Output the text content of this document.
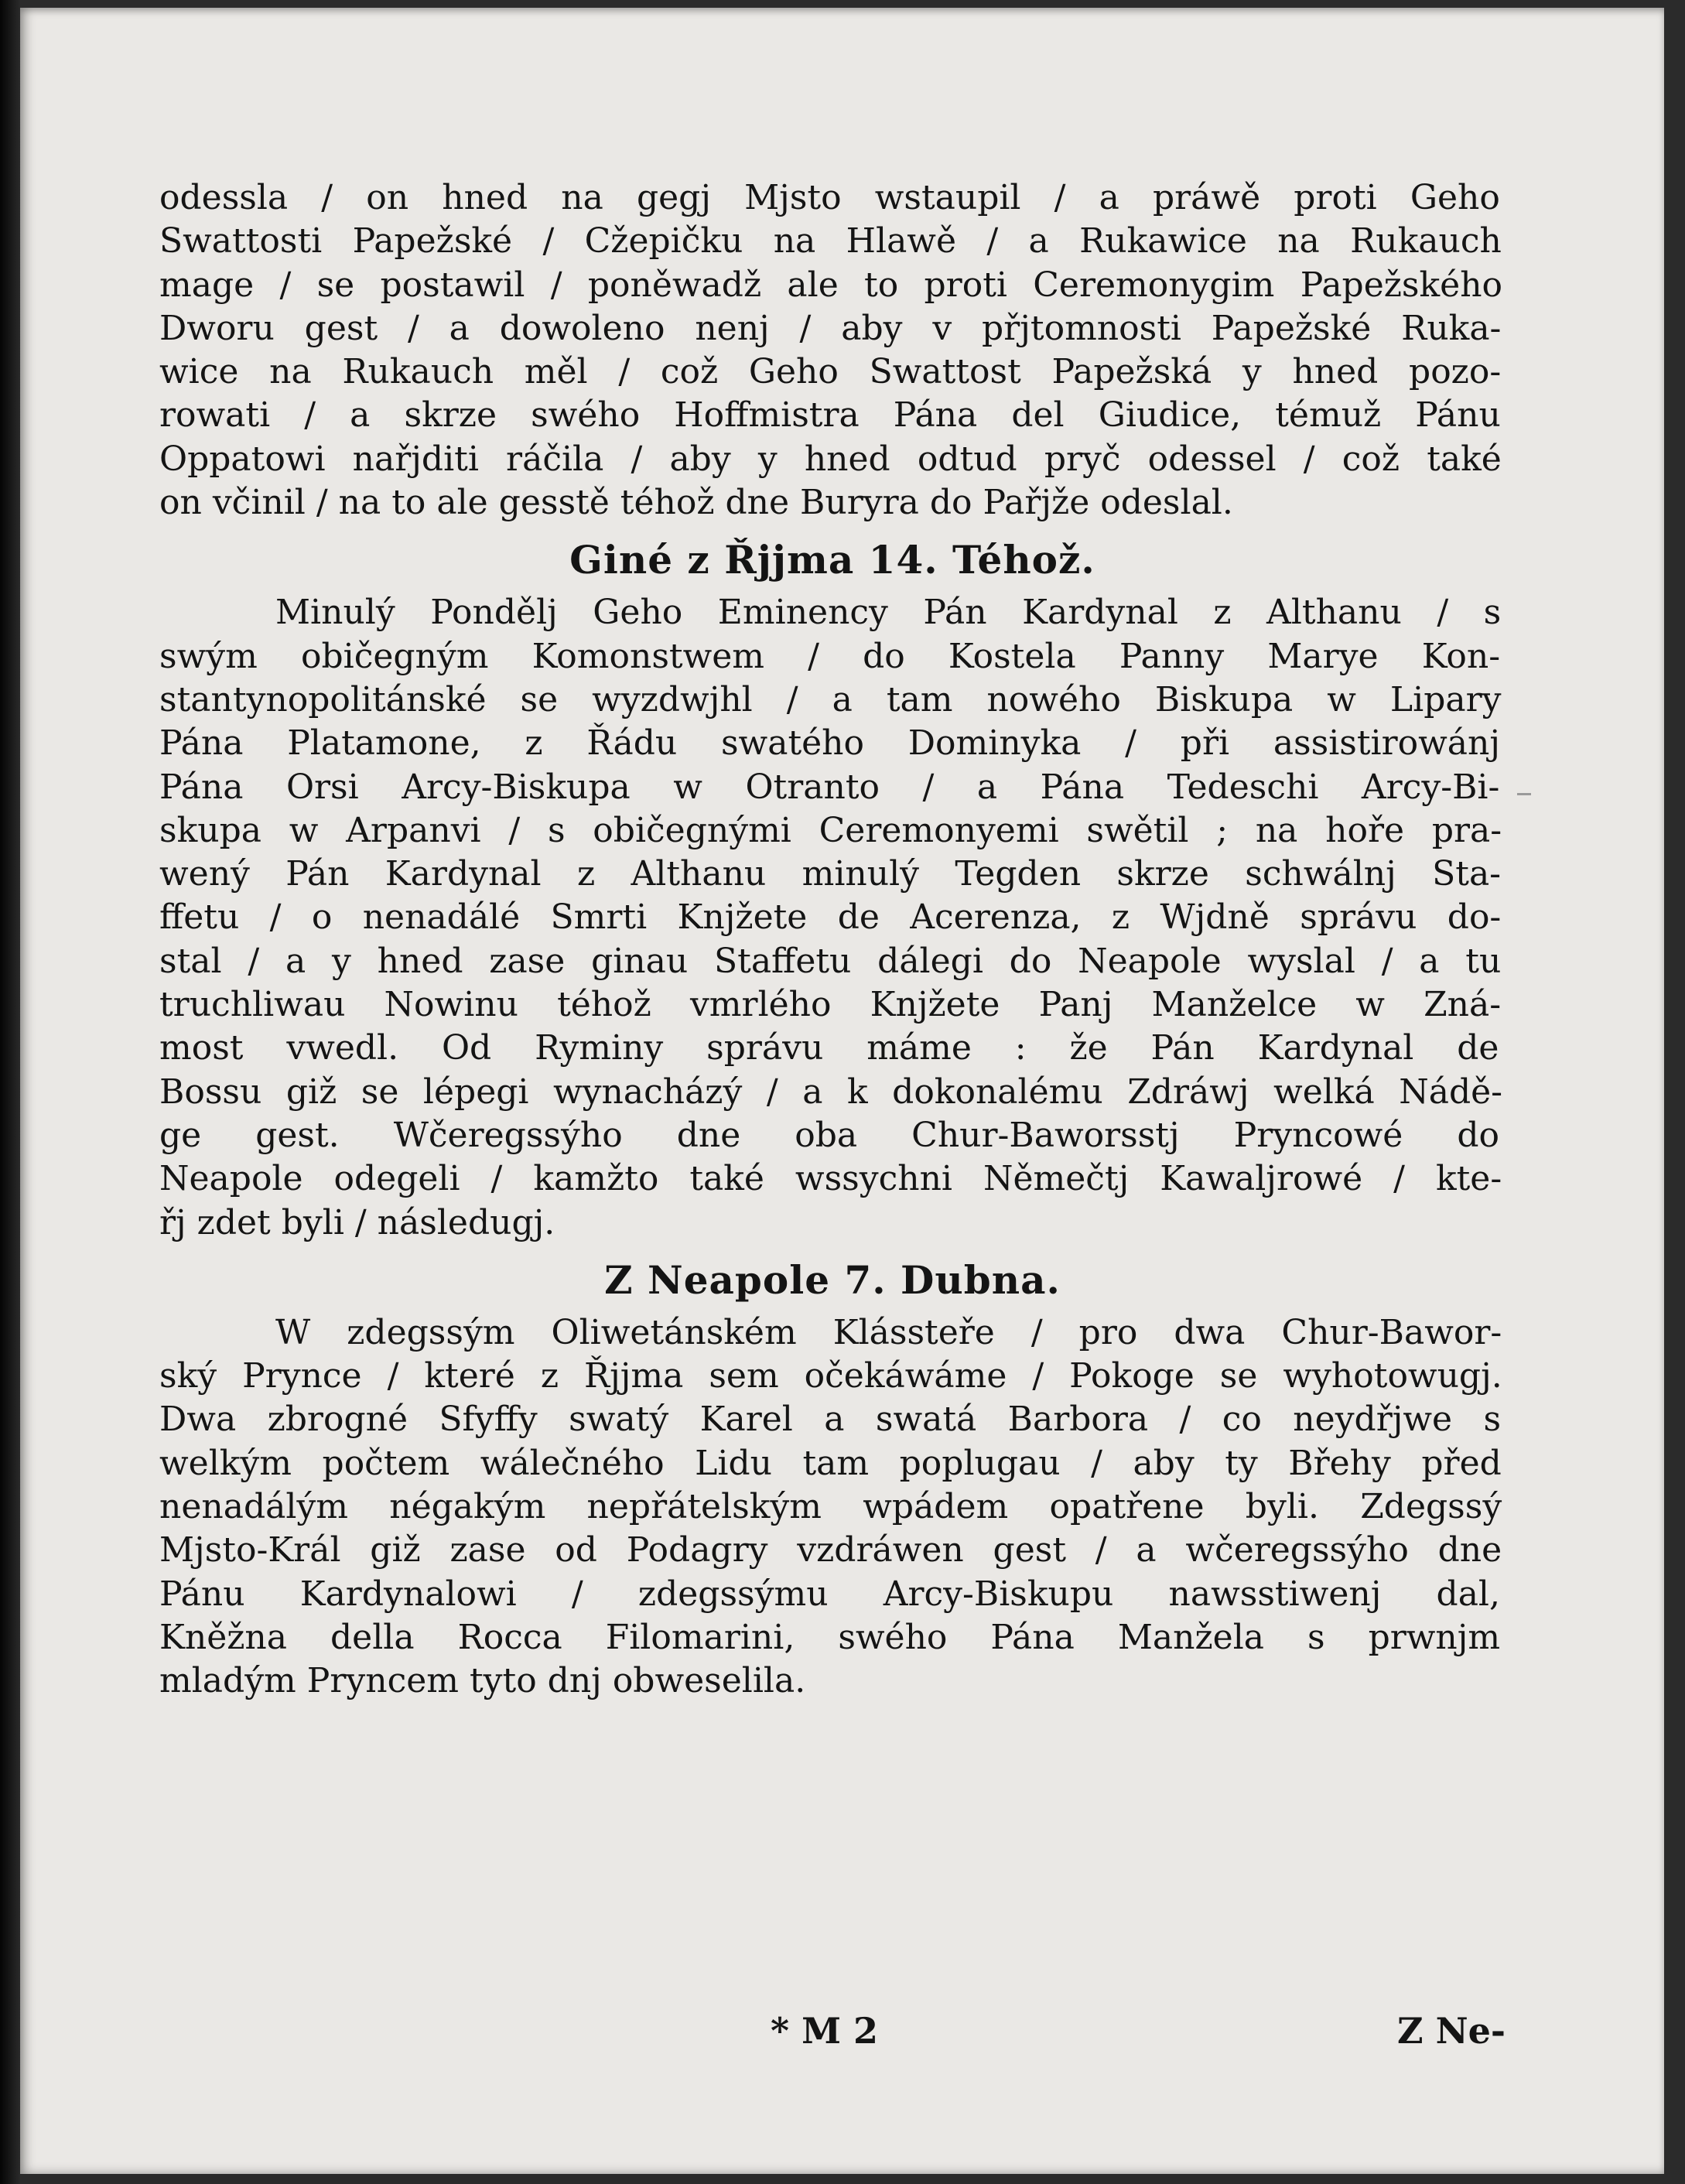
odessla / on hned na gegj Mjsto wstaupil / a práwě proti Geho
Swattosti Papežské / Cžepičku na Hlawě / a Rukawice na Rukauch
mage / se postawil / poněwadž ale to proti Ceremonygim Papežského
Dworu gest / a dowoleno nenj / aby v přjtomnosti Papežské Ruka-
wice na Rukauch měl / což Geho Swattost Papežská y hned pozo-
rowati / a skrze swého Hoffmistra Pána del Giudice, témuž Pánu
Oppatowi nařjditi ráčila / aby y hned odtud pryč odessel / což také
on včinil / na to ale gesstě téhož dne Buryra do Pařjže odeslal.
Giné z Řjjma 14. Téhož.
Minulý Pondělj Geho Eminency Pán Kardynal z Althanu / s
swým običegným Komonstwem / do Kostela Panny Marye Kon-
stantynopolitánské se wyzdwjhl / a tam nowého Biskupa w Lipary
Pána Platamone, z Řádu swatého Dominyka / při assistirowánj
Pána Orsi Arcy-Biskupa w Otranto / a Pána Tedeschi Arcy-Bi-
skupa w Arpanvi / s običegnými Ceremonyemi swětil ; na hoře pra-
wený Pán Kardynal z Althanu minulý Tegden skrze schwálnj Sta-
ffetu / o nenadálé Smrti Knjžete de Acerenza, z Wjdně správu do-
stal / a y hned zase ginau Staffetu dálegi do Neapole wyslal / a tu
truchliwau Nowinu téhož vmrlého Knjžete Panj Manželce w Zná-
most vwedl. Od Ryminy správu máme : že Pán Kardynal de
Bossu giž se lépegi wynacházý / a k dokonalému Zdráwj welká Nádě-
ge gest. Wčeregssýho dne oba Chur-Baworsstj Pryncowé do
Neapole odegeli / kamžto také wssychni Němečtj Kawaljrowé / kte-
řj zdet byli / následugj.
Z Neapole 7. Dubna.
W zdegssým Oliwetánském Klássteře / pro dwa Chur-Bawor-
ský Prynce / které z Řjjma sem očekáwáme / Pokoge se wyhotowugj.
Dwa zbrogné Sfyffy swatý Karel a swatá Barbora / co neydřjwe s
welkým počtem wálečného Lidu tam poplugau / aby ty Břehy před
nenadálým négakým nepřátelským wpádem opatřene byli. Zdegssý
Mjsto-Král giž zase od Podagry vzdráwen gest / a wčeregssýho dne
Pánu Kardynalowi / zdegssýmu Arcy-Biskupu nawsstiwenj dal,
Kněžna della Rocca Filomarini, swého Pána Manžela s prwnjm
mladým Pryncem tyto dnj obweselila.
* M 2	Z Ne-
